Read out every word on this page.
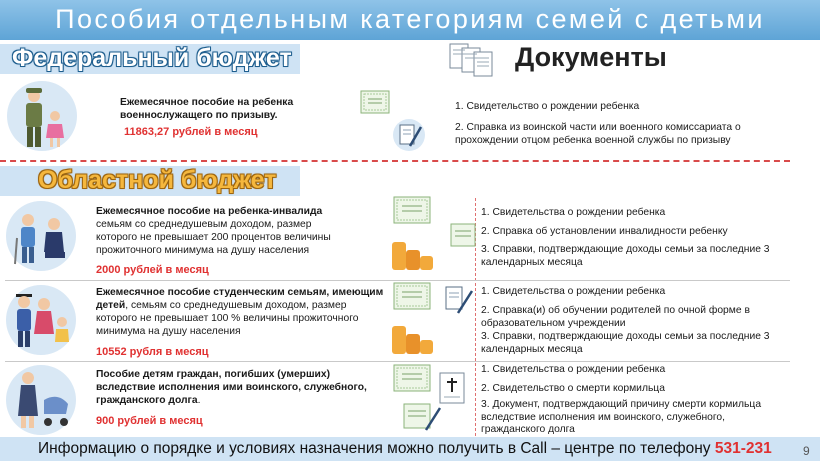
Пособия отдельным категориям семей с детьми
Федеральный бюджет	Документы
Ежемесячное пособие на ребенка
военнослужащего по призыву.
11863,27 рублей в месяц
1. Свидетельство о рождении ребенка
2. Справка из воинской части или военного комиссариата о прохождении отцом ребенка военной службы по призыву
Областной бюджет
Ежемесячное пособие на ребенка-инвалида
семьям со среднедушевым доходом, размер которого не превышает 200 процентов величины прожиточного минимума на душу населения
2000 рублей в месяц
1. Свидетельства о рождении ребенка
2. Справка об установлении инвалидности ребенку
3. Справки, подтверждающие доходы семьи за последние 3 календарных месяца
Ежемесячное пособие студенческим семьям, имеющим детей, семьям со среднедушевым доходом, размер которого не превышает 100 % величины прожиточного минимума на душу населения
10552 рубля в месяц
1. Свидетельства о рождении ребенка
2. Справка(и) об обучении родителей по очной форме в образовательном учреждении
3. Справки, подтверждающие доходы семьи за последние 3 календарных месяца
Пособие детям граждан, погибших (умерших) вследствие исполнения ими воинского, служебного, гражданского долга.
900 рублей в месяц
1. Свидетельства о рождении ребенка
2. Свидетельство о смерти кормильца
3. Документ, подтверждающий причину смерти кормильца вследствие исполнения им воинского, служебного, гражданского долга
Информацию о порядке и условиях назначения можно получить в Call – центре по телефону 531-231	9
